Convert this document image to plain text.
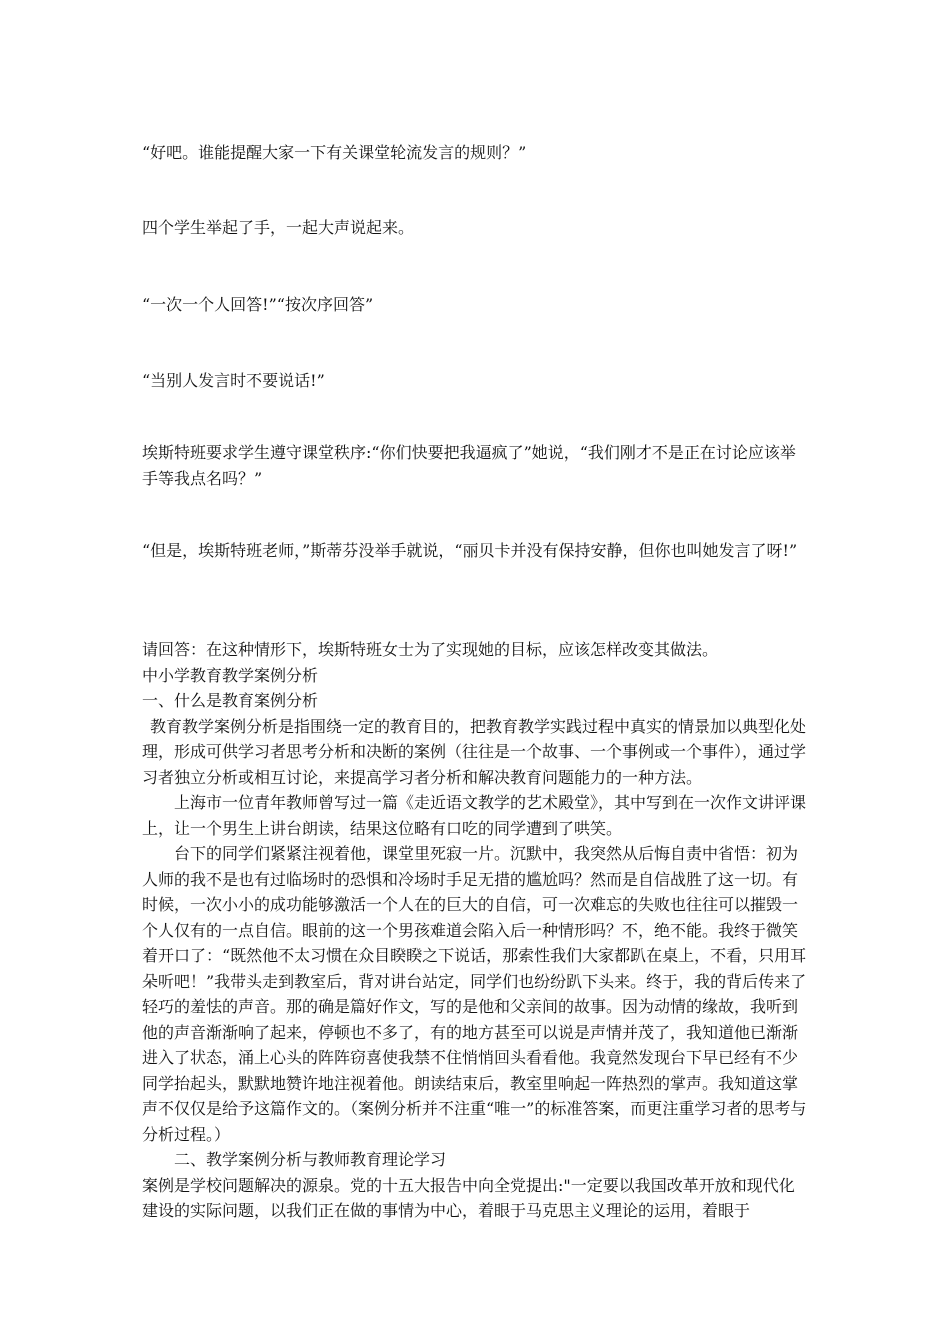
“好吧。谁能提醒大家一下有关课堂轮流发言的规则？”

四个学生举起了手，一起大声说起来。

“一次一个人回答!”“按次序回答”

“当别人发言时不要说话!”

埃斯特班要求学生遵守课堂秩序:“你们快要把我逼疯了”她说，“我们刚才不是正在讨论应该举手等我点名吗？”

“但是，埃斯特班老师，”斯蒂芬没举手就说，“丽贝卡并没有保持安静，但你也叫她发言了呀!”

请回答：在这种情形下，埃斯特班女士为了实现她的目标，应该怎样改变其做法。

中小学教育教学案例分析

一、什么是教育案例分析

教育教学案例分析是指围绕一定的教育目的，把教育教学实践过程中真实的情景加以典型化处理，形成可供学习者思考分析和决断的案例（往往是一个故事、一个事例或一个事件），通过学习者独立分析或相互讨论，来提高学习者分析和解决教育问题能力的一种方法。

上海市一位青年教师曾写过一篇《走近语文教学的艺术殿堂》，其中写到在一次作文讲评课上，让一个男生上讲台朗读，结果这位略有口吃的同学遭到了哄笑。

台下的同学们紧紧注视着他，课堂里死寂一片。沉默中，我突然从后悔自责中省悟：初为人师的我不是也有过临场时的恐惧和冷场时手足无措的尴尬吗？然而是自信战胜了这一切。有时候，一次小小的成功能够激活一个人在的巨大的自信，可一次难忘的失败也往往可以摧毁一个人仅有的一点自信。眼前的这一个男孩难道会陷入后一种情形吗？不，绝不能。我终于微笑着开口了：“既然他不太习惯在众目睽睽之下说话，那索性我们大家都趴在桌上，不看，只用耳朵听吧！”我带头走到教室后，背对讲台站定，同学们也纷纷趴下头来。终于，我的背后传来了轻巧的羞怯的声音。那的确是篇好作文，写的是他和父亲间的故事。因为动情的缘故，我听到他的声音渐渐响了起来，停顿也不多了，有的地方甚至可以说是声情并茂了，我知道他已渐渐进入了状态，涌上心头的阵阵窃喜使我禁不住悄悄回头看看他。我竟然发现台下早已经有不少同学抬起头，默默地赞许地注视着他。朗读结束后，教室里响起一阵热烈的掌声。我知道这掌声不仅仅是给予这篇作文的。（案例分析并不注重“唯一”的标准答案，而更注重学习者的思考与分析过程。）

二、教学案例分析与教师教育理论学习

案例是学校问题解决的源泉。党的十五大报告中向全党提出:"一定要以我国改革开放和现代化建设的实际问题，以我们正在做的事情为中心，着眼于马克思主义理论的运用，着眼于
